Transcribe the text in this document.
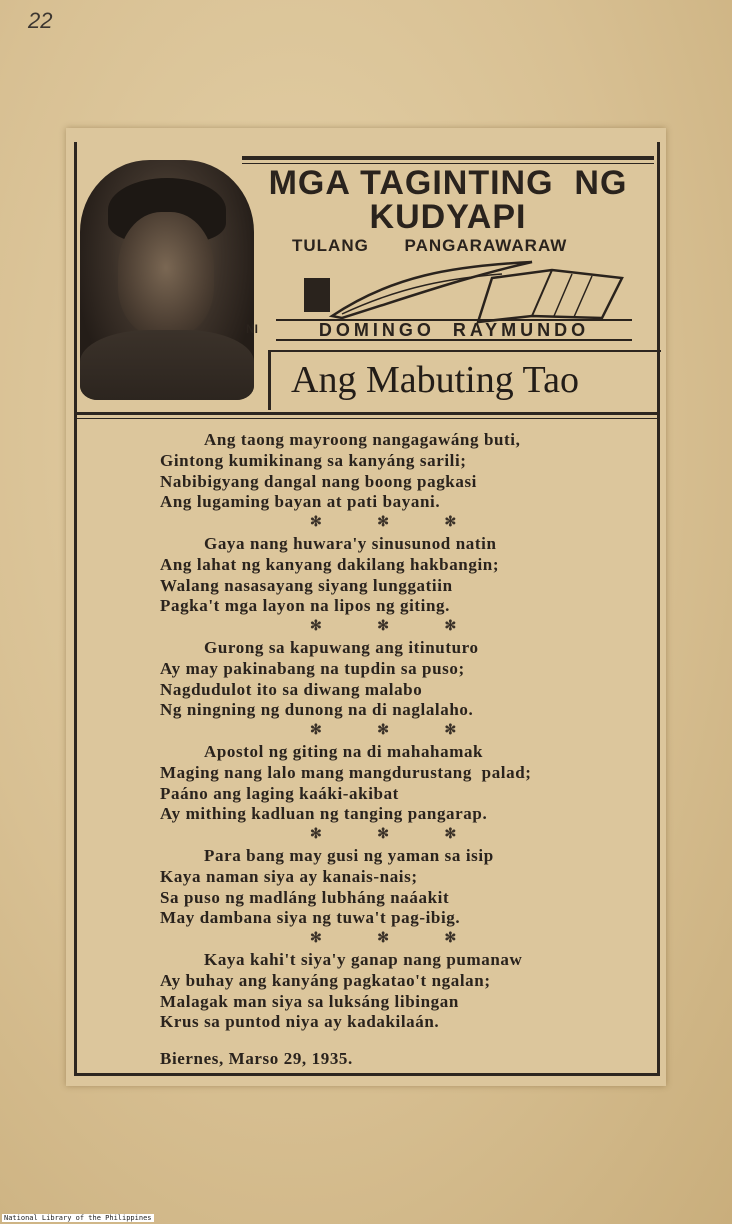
22
MGA TAGINTING  NG
KUDYAPI
TULANG PANGARAWARAW
NI	DOMINGO  RAYMUNDO
Ang Mabuting Tao
Ang taong mayroong nangagawáng buti,
Gintong kumikinang sa kanyáng sarili;
Nabibigyang dangal nang boong pagkasi
Ang lugaming bayan at pati bayani.
✻ ✻ ✻
Gaya nang huwara'y sinusunod natin
Ang lahat ng kanyang dakilang hakbangin;
Walang nasasayang siyang lunggatiin
Pagka't mga layon na lipos ng giting.
✻ ✻ ✻
Gurong sa kapuwang ang itinuturo
Ay may pakinabang na tupdin sa puso;
Nagdudulot ito sa diwang malabo
Ng ningning ng dunong na di naglalaho.
✻ ✻ ✻
Apostol ng giting na di mahahamak
Maging nang lalo mang mangdurustang  palad;
Paáno ang laging kaáki-akibat
Ay mithing kadluan ng tanging pangarap.
✻ ✻ ✻
Para bang may gusi ng yaman sa isip
Kaya naman siya ay kanais-nais;
Sa puso ng madláng lubháng naáakit
May dambana siya ng tuwa't pag-ibig.
✻ ✻ ✻
Kaya kahi't siya'y ganap nang pumanaw
Ay buhay ang kanyáng pagkatao't ngalan;
Malagak man siya sa luksáng libingan
Krus sa puntod niya ay kadakilaán.
Biernes, Marso 29, 1935.
National Library of the Philippines
